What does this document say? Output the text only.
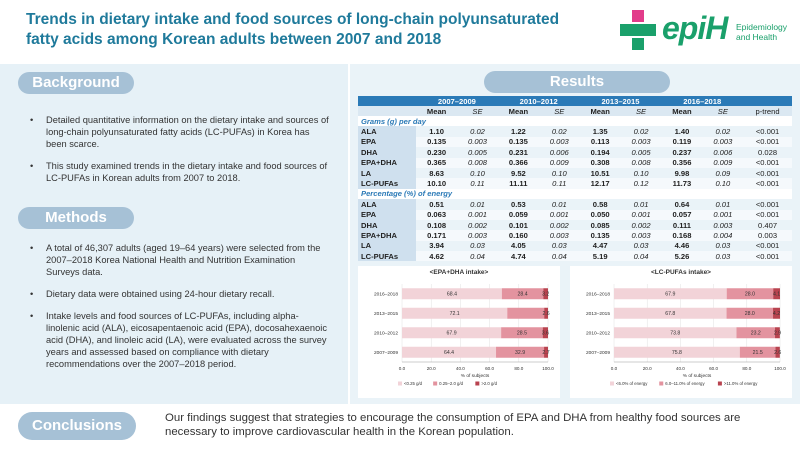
Trends in dietary intake and food sources of long-chain polyunsaturated fatty acids among Korean adults between 2007 and 2018	epiH Epidemiology
and Health
Background
• Detailed quantitative information on the dietary intake and sources of long-chain polyunsaturated fatty acids (LC-PUFAs) in Korea has been scarce.
• This study examined trends in the dietary intake and food sources of LC-PUFAs in Korean adults from 2007 to 2018.
Methods
• A total of 46,307 adults (aged 19–64 years) were selected from the 2007–2018 Korea National Health and Nutrition Examination Surveys data.
• Dietary data were obtained using 24-hour dietary recall.
• Intake levels and food sources of LC-PUFAs, including alpha-linolenic acid (ALA), eicosapentaenoic acid (EPA), docosahexaenoic acid (DHA), and linoleic acid (LA), were evaluated across the survey years and assessed based on compliance with dietary recommendations over the 2007–2018 period.
Results
	2007–2009		2010–2012		2013–2015		2016–2018		
	Mean	SE	Mean	SE	Mean	SE	Mean	SE	p-trend
Grams (g) per day									
ALA	1.10	0.02	1.22	0.02	1.35	0.02	1.40	0.02	<0.001
EPA	0.135	0.003	0.135	0.003	0.113	0.003	0.119	0.003	<0.001
DHA	0.230	0.005	0.231	0.006	0.194	0.005	0.237	0.006	0.028
EPA+DHA	0.365	0.008	0.366	0.009	0.308	0.008	0.356	0.009	<0.001
LA	8.63	0.10	9.52	0.10	10.51	0.10	9.98	0.09	<0.001
LC-PUFAs	10.10	0.11	11.11	0.11	12.17	0.12	11.73	0.10	<0.001
Percentage (%) of energy									
ALA	0.51	0.01	0.53	0.01	0.58	0.01	0.64	0.01	<0.001
EPA	0.063	0.001	0.059	0.001	0.050	0.001	0.057	0.001	<0.001
DHA	0.108	0.002	0.101	0.002	0.085	0.002	0.111	0.003	0.407
EPA+DHA	0.171	0.003	0.160	0.003	0.135	0.003	0.168	0.004	0.003
LA	3.94	0.03	4.05	0.03	4.47	0.03	4.46	0.03	<0.001
LC-PUFAs	4.62	0.04	4.74	0.04	5.19	0.04	5.26	0.03	<0.001
<EPA+DHA intake>
0.0	20.0	40.0	60.0	80.0	100.0
% of subjects
2016–2018	68.4	28.4	3.2
2013–2015	72.1	2.6
2010–2012	67.9	28.5	3.6
2007–2009	64.4	32.9	2.7
<0.25 g/d	0.25–2.0 g/d	>2.0 g/d
<LC-PUFAs intake>
0.0	20.0	40.0	60.0	80.0	100.0
% of subjects
2016–2018	67.9	28.0	4.1
2013–2015	67.8	28.0	4.2
2010–2012	73.8	23.2 2.9
2007–2009	75.8	21.5 2.6
<6.0% of energy	6.0–11.0% of energy	>11.0% of energy
Conclusions	Our findings suggest that strategies to encourage the consumption of EPA and DHA from healthy food sources are necessary to improve cardiovascular health in the Korean population.
